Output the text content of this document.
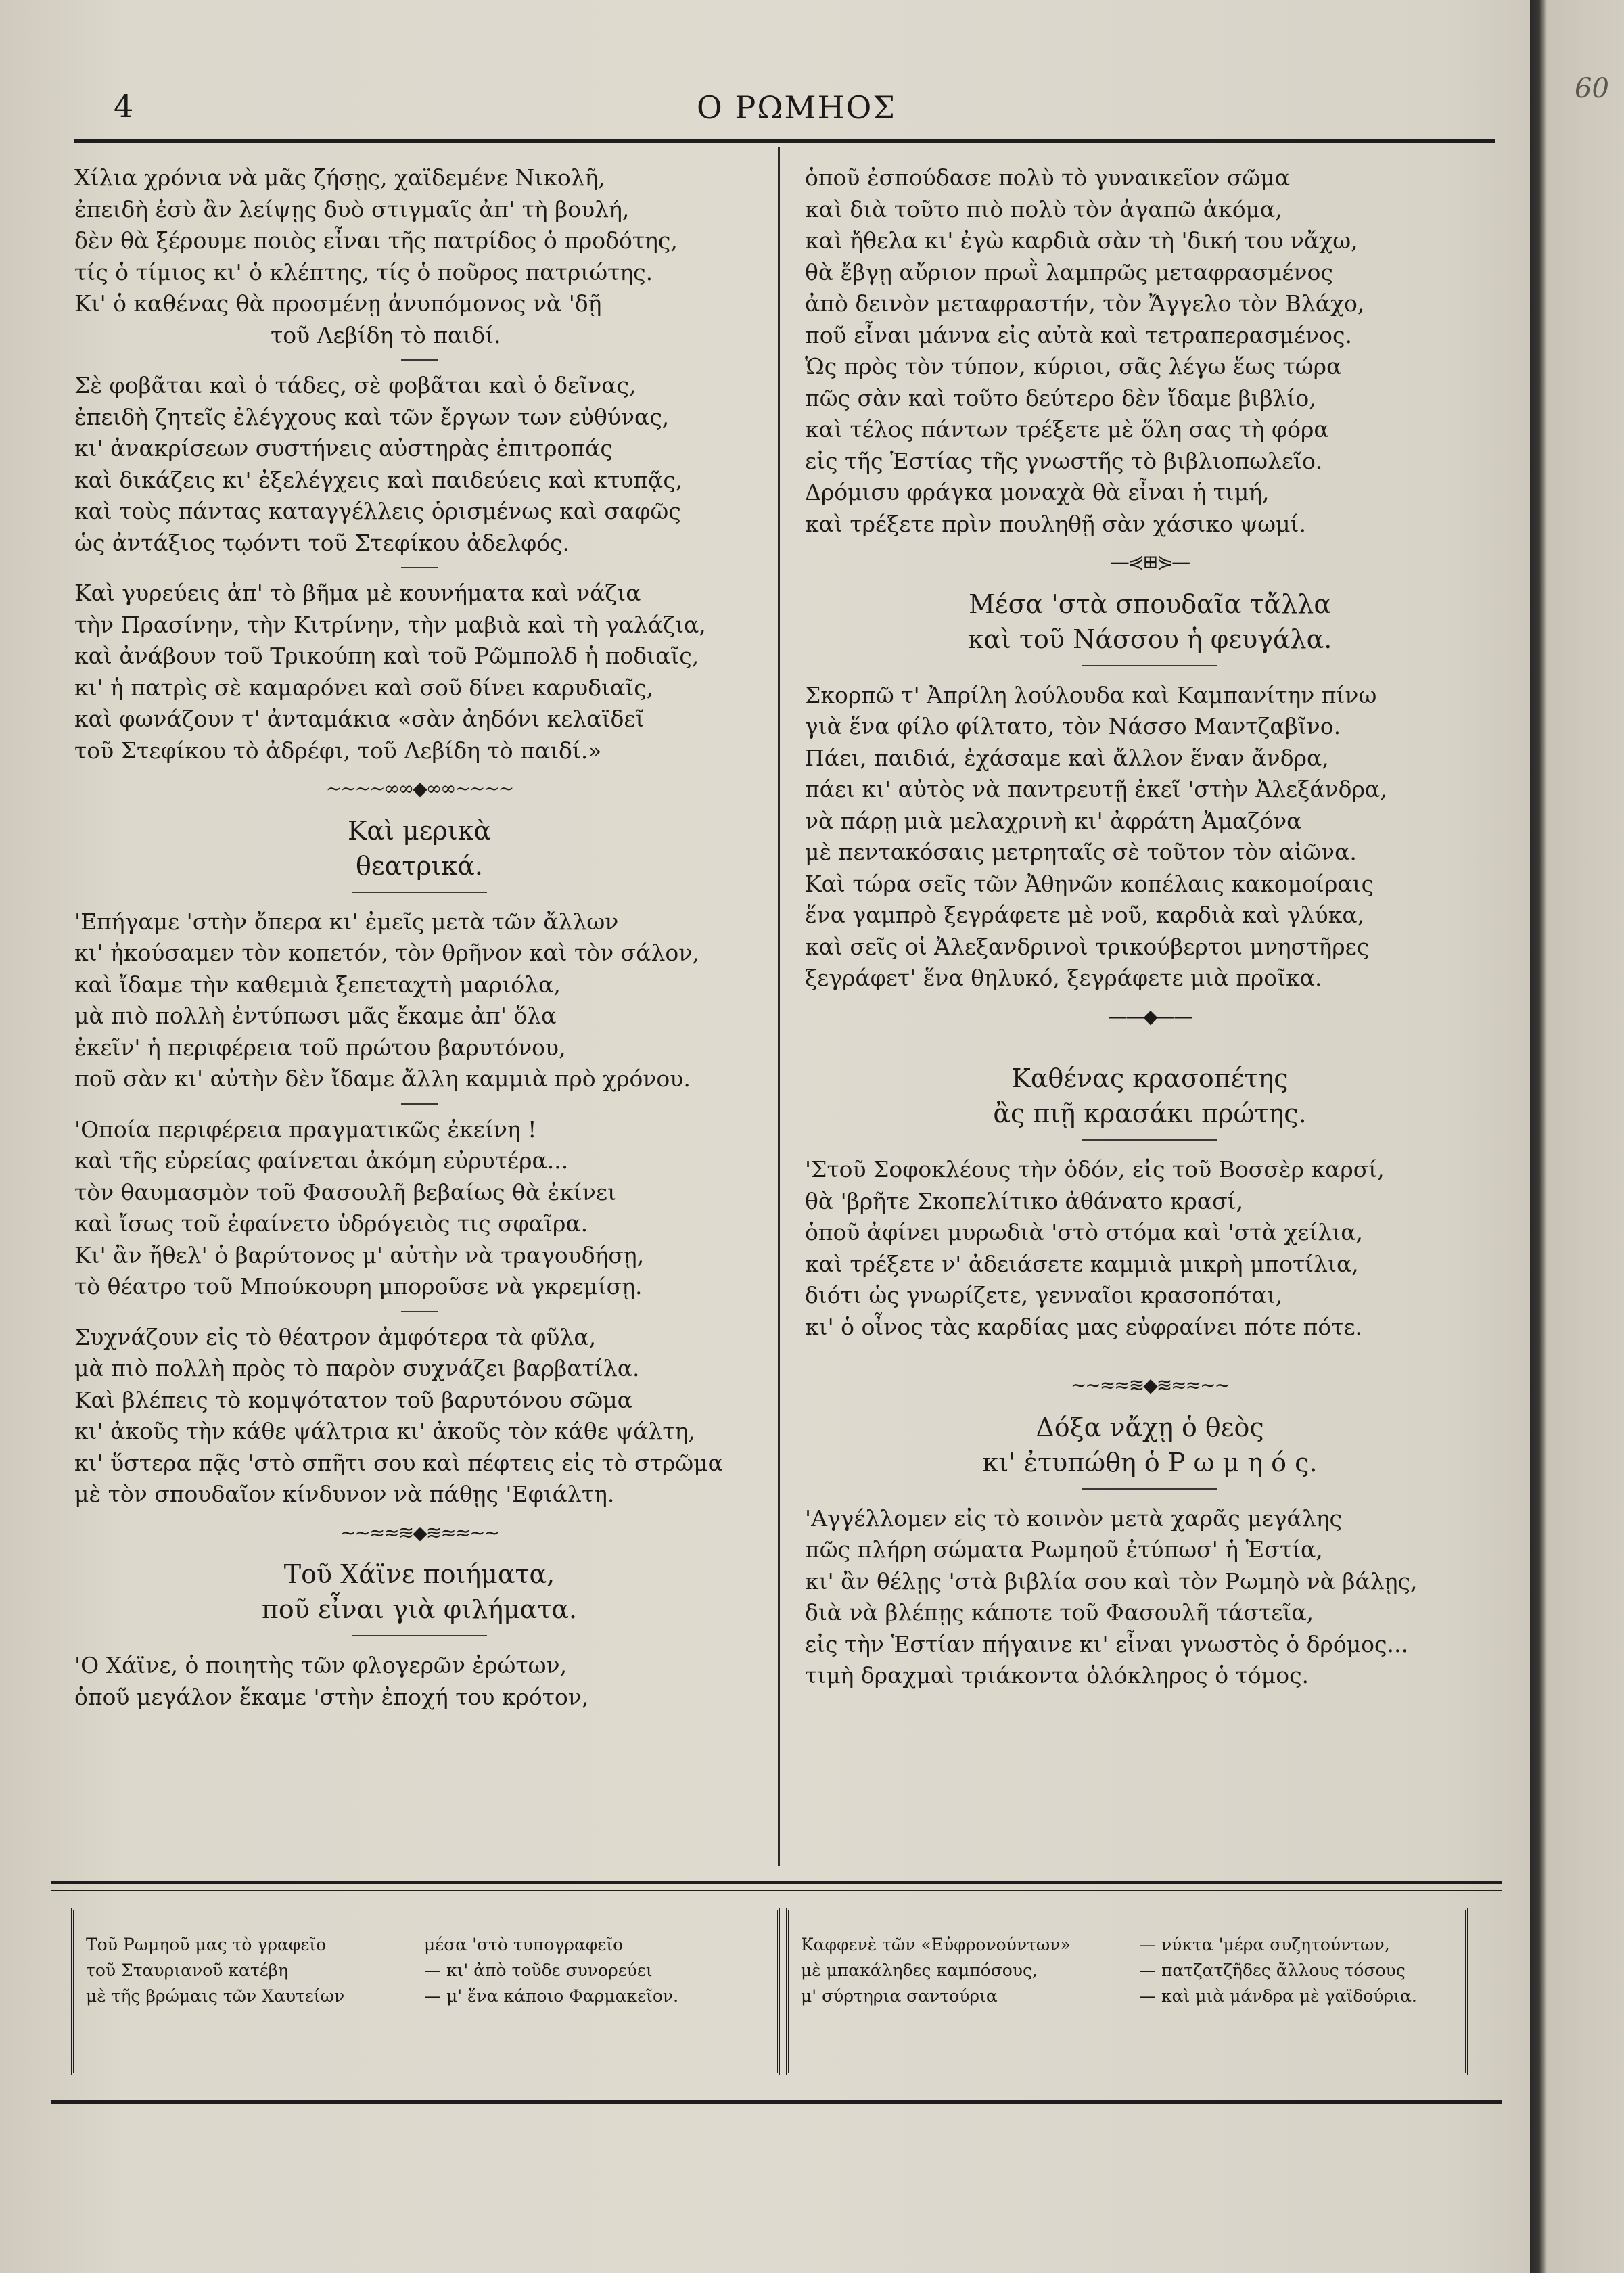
4	Ο ΡΩΜΗΟΣ
Χίλια χρόνια νὰ μᾶς ζήσῃς, χαϊδεμένε Νικολῆ,
ἐπειδὴ ἐσὺ ἂν λείψῃς δυὸ στιγμαῖς ἀπ' τὴ βουλή,
δὲν θὰ ξέρουμε ποιὸς εἶναι τῆς πατρίδος ὁ προδότης,
τίς ὁ τίμιος κι' ὁ κλέπτης, τίς ὁ ποῦρος πατριώτης.
Κι' ὁ καθένας θὰ προσμένῃ ἀνυπόμονος νὰ 'δῇ
τοῦ Λεβίδη τὸ παιδί.
Σὲ φοβᾶται καὶ ὁ τάδες, σὲ φοβᾶται καὶ ὁ δεῖνας,
ἐπειδὴ ζητεῖς ἐλέγχους καὶ τῶν ἔργων των εὐθύνας,
κι' ἀνακρίσεων συστήνεις αὐστηρὰς ἐπιτροπάς
καὶ δικάζεις κι' ἐξελέγχεις καὶ παιδεύεις καὶ κτυπᾷς,
καὶ τοὺς πάντας καταγγέλλεις ὁρισμένως καὶ σαφῶς
ὡς ἀντάξιος τῳόντι τοῦ Στεφίκου ἀδελφός.
Καὶ γυρεύεις ἀπ' τὸ βῆμα μὲ κουνήματα καὶ νάζια
τὴν Πρασίνην, τὴν Κιτρίνην, τὴν μαβιὰ καὶ τὴ γαλάζια,
καὶ ἀνάβουν τοῦ Τρικούπη καὶ τοῦ Ρῶμπολδ ἡ ποδιαῖς,
κι' ἡ πατρὶς σὲ καμαρόνει καὶ σοῦ δίνει καρυδιαῖς,
καὶ φωνάζουν τ' ἀνταμάκια «σὰν ἀηδόνι κελαϊδεῖ
τοῦ Στεφίκου τὸ ἀδρέφι, τοῦ Λεβίδη τὸ παιδί.»
~~~~∞∞◆∞∞~~~~
Καὶ μερικὰ
θεατρικά.
'Επήγαμε 'στὴν ὄπερα κι' ἐμεῖς μετὰ τῶν ἄλλων
κι' ἠκούσαμεν τὸν κοπετόν, τὸν θρῆνον καὶ τὸν σάλον,
καὶ ἴδαμε τὴν καθεμιὰ ξεπεταχτὴ μαριόλα,
μὰ πιὸ πολλὴ ἐντύπωσι μᾶς ἔκαμε ἀπ' ὅλα
ἐκεῖν' ἡ περιφέρεια τοῦ πρώτου βαρυτόνου,
ποῦ σὰν κι' αὐτὴν δὲν ἴδαμε ἄλλη καμμιὰ πρὸ χρόνου.
'Οποία περιφέρεια πραγματικῶς ἐκείνη !
καὶ τῆς εὐρείας φαίνεται ἀκόμη εὐρυτέρα...
τὸν θαυμασμὸν τοῦ Φασουλῆ βεβαίως θὰ ἐκίνει
καὶ ἴσως τοῦ ἐφαίνετο ὑδρόγειὸς τις σφαῖρα.
Κι' ἂν ἤθελ' ὁ βαρύτονος μ' αὐτὴν νὰ τραγουδήσῃ,
τὸ θέατρο τοῦ Μπούκουρη μποροῦσε νὰ γκρεμίσῃ.
Συχνάζουν εἰς τὸ θέατρον ἀμφότερα τὰ φῦλα,
μὰ πιὸ πολλὴ πρὸς τὸ παρὸν συχνάζει βαρβατίλα.
Καὶ βλέπεις τὸ κομψότατον τοῦ βαρυτόνου σῶμα
κι' ἀκοῦς τὴν κάθε ψάλτρια κι' ἀκοῦς τὸν κάθε ψάλτη,
κι' ὕστερα πᾷς 'στὸ σπῆτι σου καὶ πέφτεις εἰς τὸ στρῶμα
μὲ τὸν σπουδαῖον κίνδυνον νὰ πάθῃς 'Εφιάλτη.
~~≈≈≋◆≋≈≈~~
Τοῦ Χάϊνε ποιήματα,
ποῦ εἶναι γιὰ φιλήματα.
'Ο Χάϊνε, ὁ ποιητὴς τῶν φλογερῶν ἐρώτων,
ὁποῦ μεγάλον ἔκαμε 'στὴν ἐποχή του κρότον,
ὁποῦ ἐσπούδασε πολὺ τὸ γυναικεῖον σῶμα
καὶ διὰ τοῦτο πιὸ πολὺ τὸν ἀγαπῶ ἀκόμα,
καὶ ἤθελα κι' ἐγὼ καρδιὰ σὰν τὴ 'δική του νἄχω,
θὰ ἔβγῃ αὔριον πρωῒ λαμπρῶς μεταφρασμένος
ἀπὸ δεινὸν μεταφραστήν, τὸν Ἄγγελο τὸν Βλάχο,
ποῦ εἶναι μάννα εἰς αὐτὰ καὶ τετραπερασμένος.
Ὡς πρὸς τὸν τύπον, κύριοι, σᾶς λέγω ἕως τώρα
πῶς σὰν καὶ τοῦτο δεύτερο δὲν ἴδαμε βιβλίο,
καὶ τέλος πάντων τρέξετε μὲ ὅλη σας τὴ φόρα
εἰς τῆς Ἑστίας τῆς γνωστῆς τὸ βιβλιοπωλεῖο.
Δρόμισυ φράγκα μοναχὰ θὰ εἶναι ἡ τιμή,
καὶ τρέξετε πρὶν πουληθῇ σὰν χάσικο ψωμί.
—⋞⊞⋟—
Μέσα 'στὰ σπουδαῖα τἄλλα
καὶ τοῦ Νάσσου ἡ φευγάλα.
Σκορπῶ τ' Ἀπρίλη λούλουδα καὶ Καμπανίτην πίνω
γιὰ ἕνα φίλο φίλτατο, τὸν Νάσσο Μαντζαβῖνο.
Πάει, παιδιά, ἐχάσαμε καὶ ἄλλον ἕναν ἄνδρα,
πάει κι' αὐτὸς νὰ παντρευτῇ ἐκεῖ 'στὴν Ἀλεξάνδρα,
νὰ πάρῃ μιὰ μελαχρινὴ κι' ἀφράτη Ἀμαζόνα
μὲ πεντακόσαις μετρηταῖς σὲ τοῦτον τὸν αἰῶνα.
Καὶ τώρα σεῖς τῶν Ἀθηνῶν κοπέλαις κακομοίραις
ἕνα γαμπρὸ ξεγράφετε μὲ νοῦ, καρδιὰ καὶ γλύκα,
καὶ σεῖς οἱ Ἀλεξανδρινοὶ τρικούβερτοι μνηστῆρες
ξεγράφετ' ἕνα θηλυκό, ξεγράφετε μιὰ προῖκα.
——◆——
Καθένας κρασοπέτης
ἂς πιῇ κρασάκι πρώτης.
'Στοῦ Σοφοκλέους τὴν ὁδόν, εἰς τοῦ Βοσσὲρ καρσί,
θὰ 'βρῆτε Σκοπελίτικο ἀθάνατο κρασί,
ὁποῦ ἀφίνει μυρωδιὰ 'στὸ στόμα καὶ 'στὰ χείλια,
καὶ τρέξετε ν' ἀδειάσετε καμμιὰ μικρὴ μποτίλια,
διότι ὡς γνωρίζετε, γενναῖοι κρασοπόται,
κι' ὁ οἶνος τὰς καρδίας μας εὐφραίνει πότε πότε.
~~≈≈≋◆≋≈≈~~
Δόξα νἄχῃ ὁ θεὸς
κι' ἐτυπώθη ὁ Ρ ω μ η ό ς.
'Αγγέλλομεν εἰς τὸ κοινὸν μετὰ χαρᾶς μεγάλης
πῶς πλήρη σώματα Ρωμηοῦ ἐτύπωσ' ἡ Ἑστία,
κι' ἂν θέλῃς 'στὰ βιβλία σου καὶ τὸν Ρωμηὸ νὰ βάλῃς,
διὰ νὰ βλέπῃς κάποτε τοῦ Φασουλῆ τάστεῖα,
εἰς τὴν Ἑστίαν πήγαινε κι' εἶναι γνωστὸς ὁ δρόμος...
τιμὴ δραχμαὶ τριάκοντα ὁλόκληρος ὁ τόμος.
Τοῦ Ρωμηοῦ μας τὸ γραφεῖο	μέσα 'στὸ τυπογραφεῖο
τοῦ Σταυριανοῦ κατέβη	— κι' ἀπὸ τοῦδε συνορεύει
μὲ τῆς βρώμαις τῶν Χαυτείων	— μ' ἕνα κάποιο Φαρμακεῖον.
Καφφενὲ τῶν «Εὐφρονούντων»	— νύκτα 'μέρα συζητούντων,
μὲ μπακάληδες καμπόσους,	— πατζατζῆδες ἄλλους τόσους
μ' σύρτηρια σαντούρια	— καὶ μιὰ μάνδρα μὲ γαϊδούρια.
60
